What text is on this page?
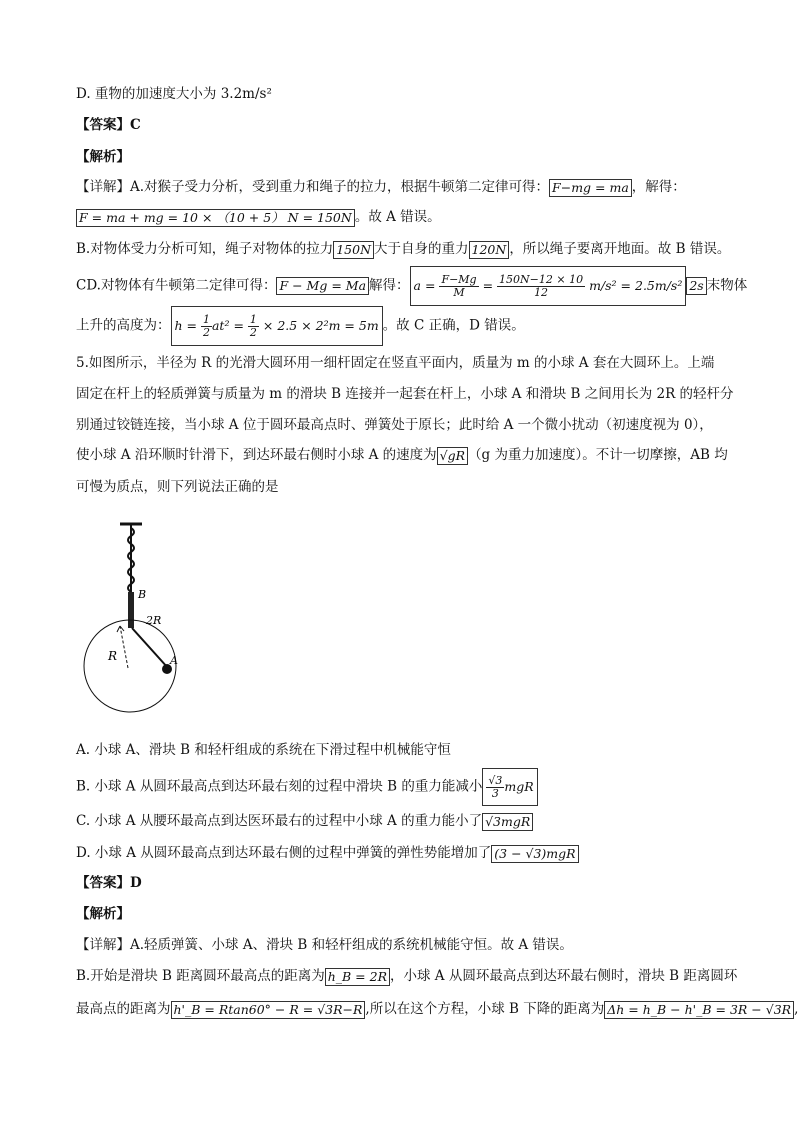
D. 重物的加速度大小为 3.2m/s²
【答案】C
【解析】
【详解】A.对猴子受力分析，受到重力和绳子的拉力，根据牛顿第二定律可得： F−mg = ma ，解得：
F = ma + mg = 10 × （10 + 5） N = 150N 。故 A 错误。
B.对物体受力分析可知，绳子对物体的拉力 150N 大于自身的重力 120N ，所以绳子要离开地面。故 B 错误。
CD.对物体有牛顿第二定律可得： F − Mg = Ma 解得： $a = \frac{F-Mg}{M} = \frac{150N-12 \times 10}{12} m/s^2 = 2.5m/s^2$ 2s 末物体
上升的高度为： $h = \frac{1}{2} at^2 = \frac{1}{2} \times 2.5 \times 2^2m = 5m$ 。故 C 正确，D 错误。
5.如图所示，半径为 R 的光滑大圆环用一细杆固定在竖直平面内，质量为 m 的小球 A 套在大圆环上。上端
固定在杆上的轻质弹簧与质量为 m 的滑块 B 连接并一起套在杆上，小球 A 和滑块 B 之间用长为 2R 的轻杆分
别通过铰链连接，当小球 A 位于圆环最高点时、弹簧处于原长；此时给 A 一个微小扰动（初速度视为 0），
使小球 A 沿环顺时针滑下，到达环最右侧时小球 A 的速度为 √gR （g 为重力加速度）。不计一切摩擦，AB 均
可慢为质点，则下列说法正确的是
B
2R
R	A
A. 小球 A、滑块 B 和轻杆组成的系统在下滑过程中机械能守恒
B. 小球 A 从圆环最高点到达环最右刻的过程中滑块 B 的重力能减小 $\frac{√3}{3}$ mgR
C. 小球 A 从腰环最高点到达医环最右的过程中小球 A 的重力能小了 √3mgR
D. 小球 A 从圆环最高点到达环最右侧的过程中弹簧的弹性势能增加了 (3 − √3)mgR
【答案】D
【解析】
【详解】A.轻质弹簧、小球 A、滑块 B 和轻杆组成的系统机械能守恒。故 A 错误。
B.开始是滑块 B 距离圆环最高点的距离为 h_B = 2R ，小球 A 从圆环最高点到达环最右侧时，滑块 B 距离圆环
最高点的距离为 h'_B = Rtan60° − R = √3R−R ,所以在这个方程，小球 B 下降的距离为 Δh = h_B − h'_B = 3R − √3R ,
